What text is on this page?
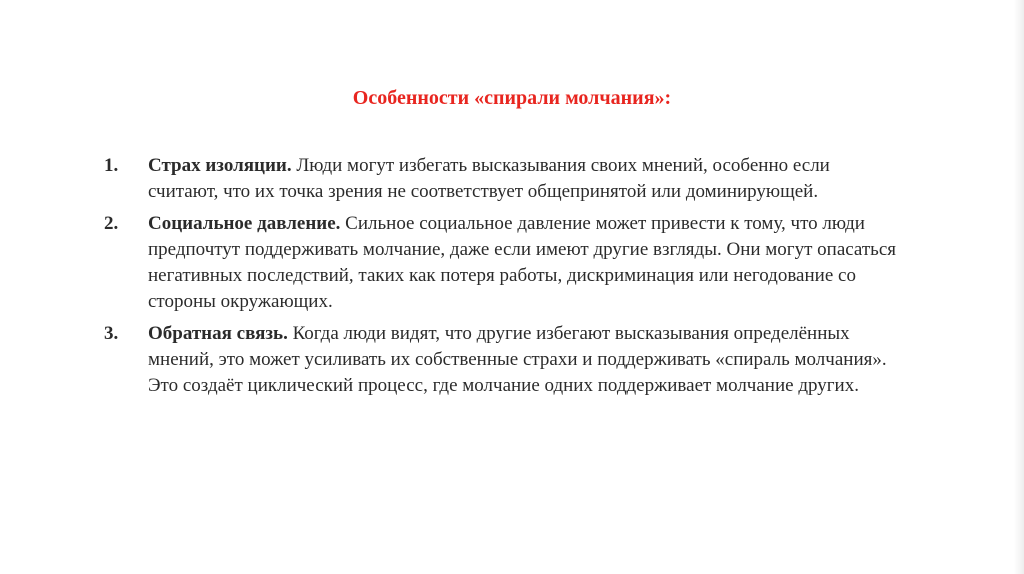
Особенности «спирали молчания»:
1. Страх изоляции. Люди могут избегать высказывания своих мнений, особенно если считают, что их точка зрения не соответствует общепринятой или доминирующей.
2. Социальное давление. Сильное социальное давление может привести к тому, что люди предпочтут поддерживать молчание, даже если имеют другие взгляды. Они могут опасаться негативных последствий, таких как потеря работы, дискриминация или негодование со стороны окружающих.
3. Обратная связь. Когда люди видят, что другие избегают высказывания определённых мнений, это может усиливать их собственные страхи и поддерживать «спираль молчания». Это создаёт циклический процесс, где молчание одних поддерживает молчание других.
